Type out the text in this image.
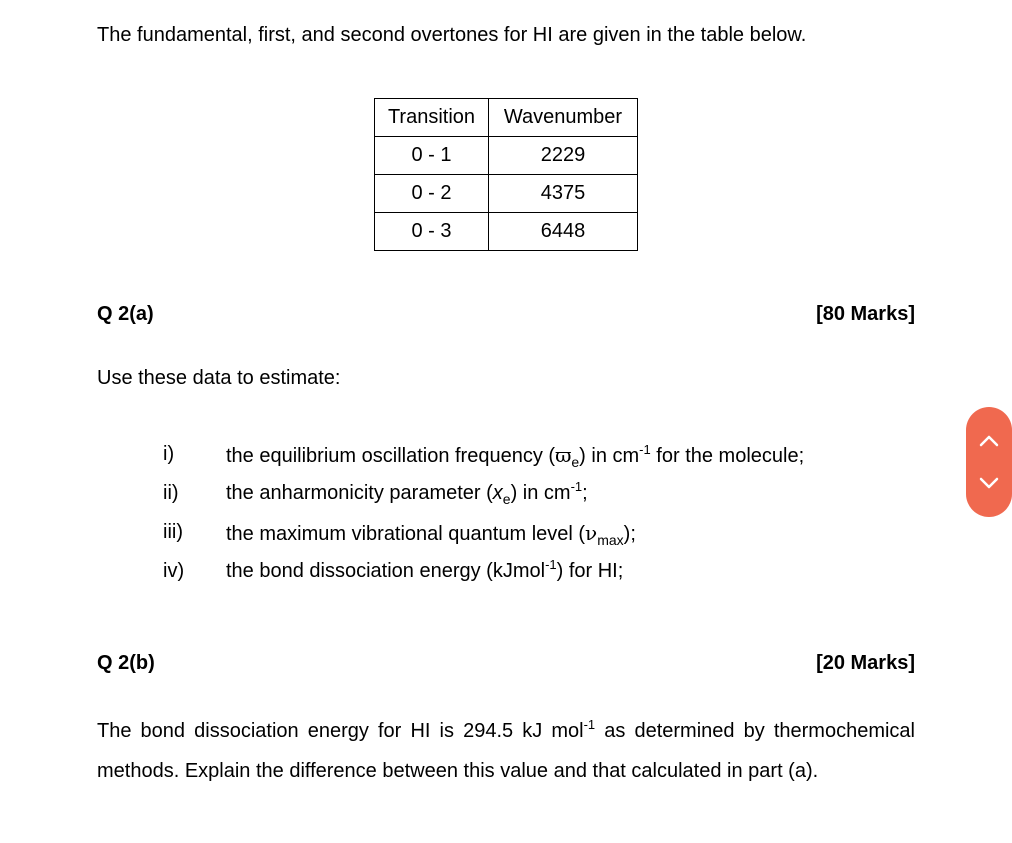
The fundamental, first, and second overtones for HI are given in the table below.
Transition	Wavenumber
0 - 1	2229
0 - 2	4375
0 - 3	6448
Q 2(a)	[80 Marks]
Use these data to estimate:
i)	the equilibrium oscillation frequency $(ϖ_e)$ in $cm^{-1}$ for the molecule;
ii) the anharmonicity parameter $(x_e)$ in $cm^{-1}$;
iii) the maximum vibrational quantum level $(\nu_{max})$;
iv) the bond dissociation energy (kJmol$^{-1}$) for HI;
Q 2(b)	[20 Marks]
The bond dissociation energy for HI is 294.5 kJ mol$^{-1}$ as determined by thermochemical methods. Explain the difference between this value and that calculated in part (a).
